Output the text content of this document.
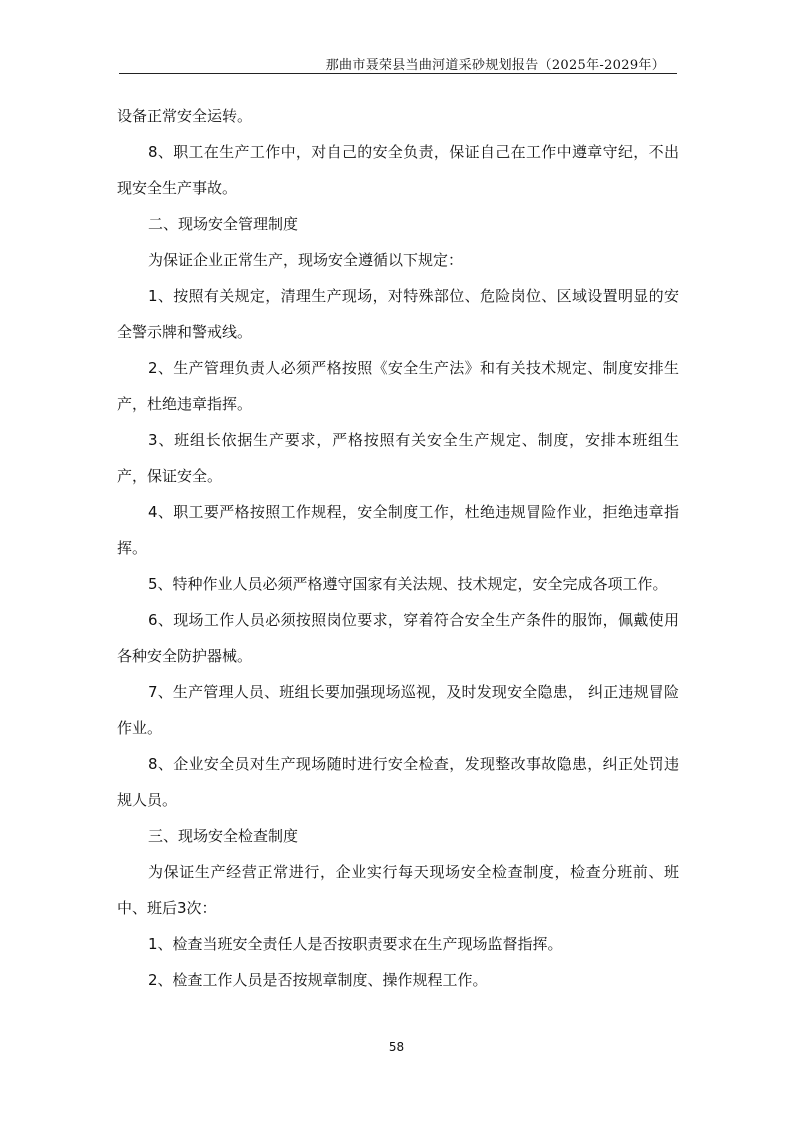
那曲市聂荣县当曲河道采砂规划报告（2025年-2029年）

设备正常安全运转。

8、职工在生产工作中，对自己的安全负责，保证自己在工作中遵章守纪，不出现安全生产事故。

二、现场安全管理制度

为保证企业正常生产，现场安全遵循以下规定：

1、按照有关规定，清理生产现场，对特殊部位、危险岗位、区域设置明显的安全警示牌和警戒线。

2、生产管理负责人必须严格按照《安全生产法》和有关技术规定、制度安排生产，杜绝违章指挥。

3、班组长依据生产要求，严格按照有关安全生产规定、制度，安排本班组生产，保证安全。

4、职工要严格按照工作规程，安全制度工作，杜绝违规冒险作业，拒绝违章指挥。

5、特种作业人员必须严格遵守国家有关法规、技术规定，安全完成各项工作。

6、现场工作人员必须按照岗位要求，穿着符合安全生产条件的服饰，佩戴使用各种安全防护器械。

7、生产管理人员、班组长要加强现场巡视，及时发现安全隐患， 纠正违规冒险作业。

8、企业安全员对生产现场随时进行安全检查，发现整改事故隐患，纠正处罚违规人员。

三、现场安全检查制度

为保证生产经营正常进行，企业实行每天现场安全检查制度，检查分班前、班中、班后3次：

1、检查当班安全责任人是否按职责要求在生产现场监督指挥。

2、检查工作人员是否按规章制度、操作规程工作。

58
